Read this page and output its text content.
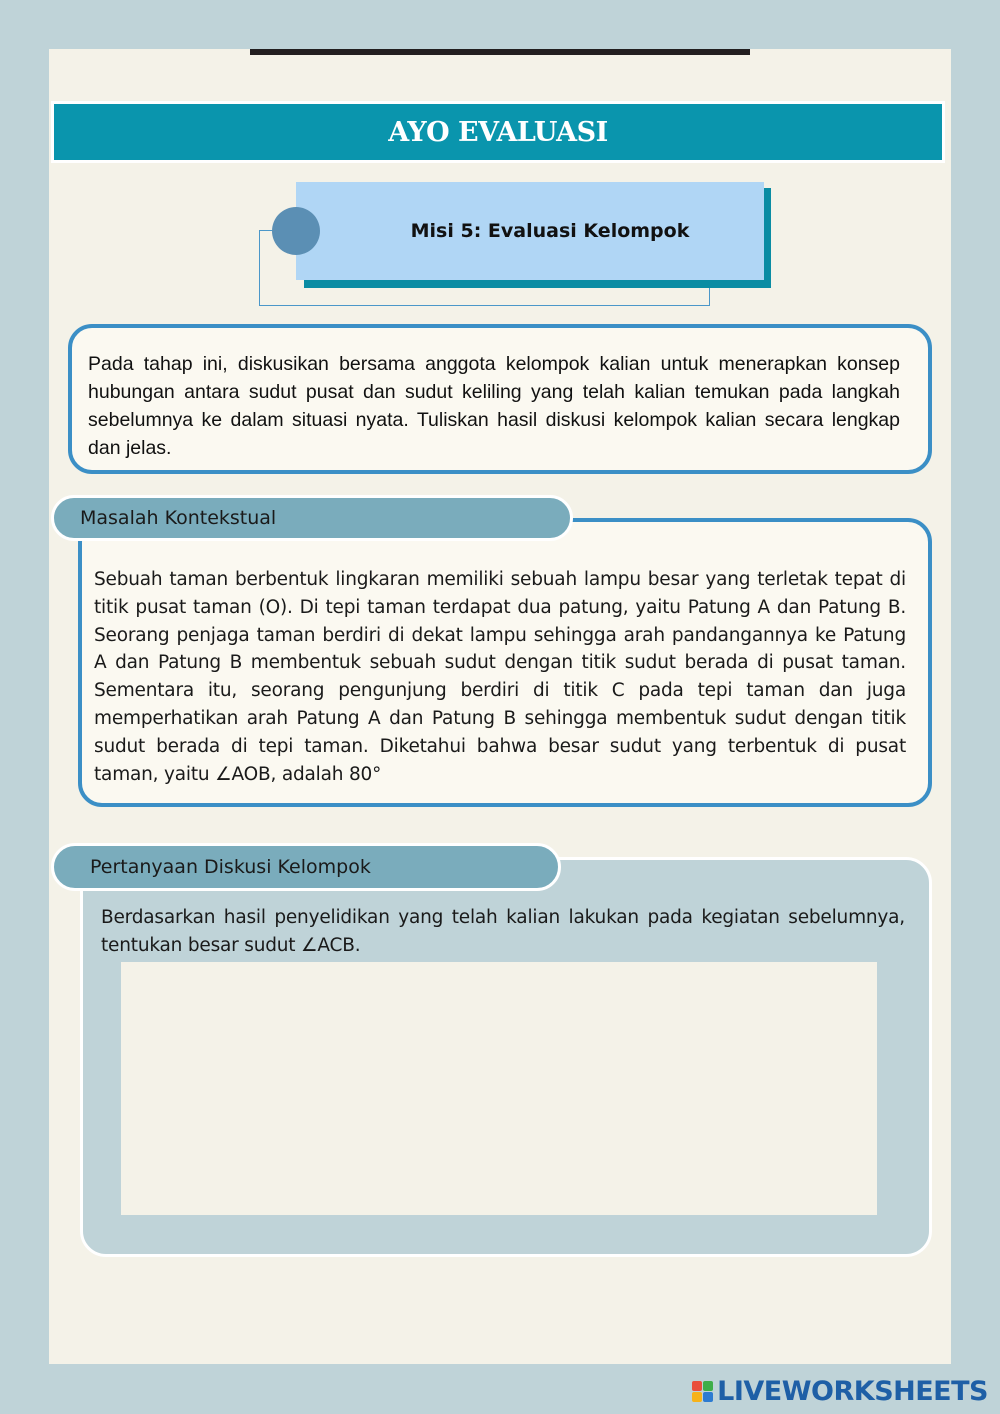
AYO EVALUASI
Misi 5: Evaluasi Kelompok

Pada tahap ini, diskusikan bersama anggota kelompok kalian untuk menerapkan konsep hubungan antara sudut pusat dan sudut keliling yang telah kalian temukan pada langkah sebelumnya ke dalam situasi nyata. Tuliskan hasil diskusi kelompok kalian secara lengkap dan jelas.

Sebuah taman berbentuk lingkaran memiliki sebuah lampu besar yang terletak tepat di titik pusat taman (O). Di tepi taman terdapat dua patung, yaitu Patung A dan Patung B. Seorang penjaga taman berdiri di dekat lampu sehingga arah pandangannya ke Patung A dan Patung B membentuk sebuah sudut dengan titik sudut berada di pusat taman. Sementara itu, seorang pengunjung berdiri di titik C pada tepi taman dan juga memperhatikan arah Patung A dan Patung B sehingga membentuk sudut dengan titik sudut berada di tepi taman. Diketahui bahwa besar sudut yang terbentuk di pusat taman, yaitu ∠AOB, adalah 80°

Masalah Kontekstual

Berdasarkan hasil penyelidikan yang telah kalian lakukan pada kegiatan sebelumnya, tentukan besar sudut ∠ACB.

Pertanyaan Diskusi Kelompok
LIVEWORKSHEETS
